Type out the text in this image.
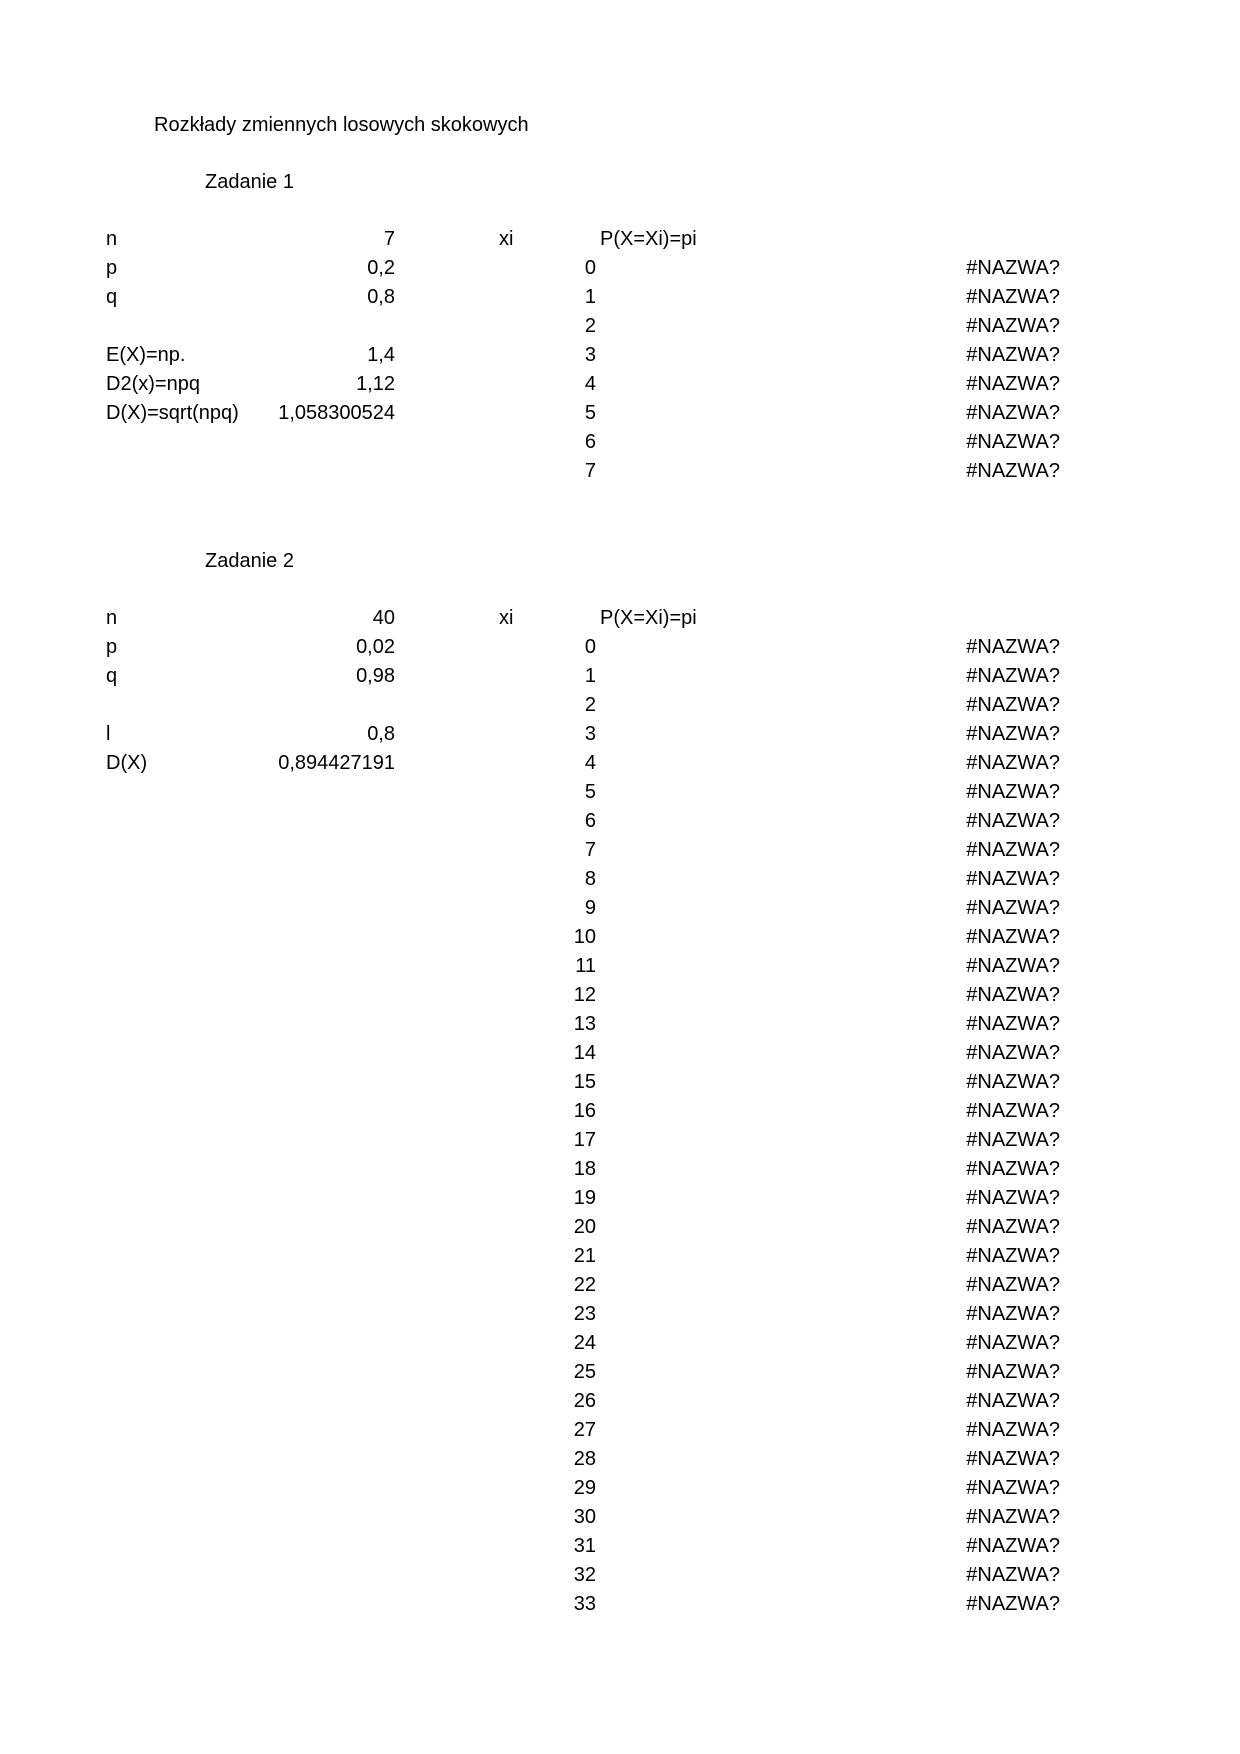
Rozkłady zmiennych losowych skokowych
Zadanie 1
n	7
p	0,2
q	0,8
E(X)=np.	1,4
D2(x)=npq	1,12
D(X)=sqrt(npq) 1,058300524
xi	P(X=Xi)=pi
0	#NAZWA?
1	#NAZWA?
2	#NAZWA?
3	#NAZWA?
4	#NAZWA?
5	#NAZWA?
6	#NAZWA?
7	#NAZWA?
Zadanie 2
n	40
p	0,02
q	0,98
l	0,8
D(X)	0,894427191
xi	P(X=Xi)=pi
0	#NAZWA?
1	#NAZWA?
2	#NAZWA?
3	#NAZWA?
4	#NAZWA?
5	#NAZWA?
6	#NAZWA?
7	#NAZWA?
8	#NAZWA?
9	#NAZWA?
10	#NAZWA?
11	#NAZWA?
12	#NAZWA?
13	#NAZWA?
14	#NAZWA?
15	#NAZWA?
16	#NAZWA?
17	#NAZWA?
18	#NAZWA?
19	#NAZWA?
20	#NAZWA?
21	#NAZWA?
22	#NAZWA?
23	#NAZWA?
24	#NAZWA?
25	#NAZWA?
26	#NAZWA?
27	#NAZWA?
28	#NAZWA?
29	#NAZWA?
30	#NAZWA?
31	#NAZWA?
32	#NAZWA?
33	#NAZWA?
